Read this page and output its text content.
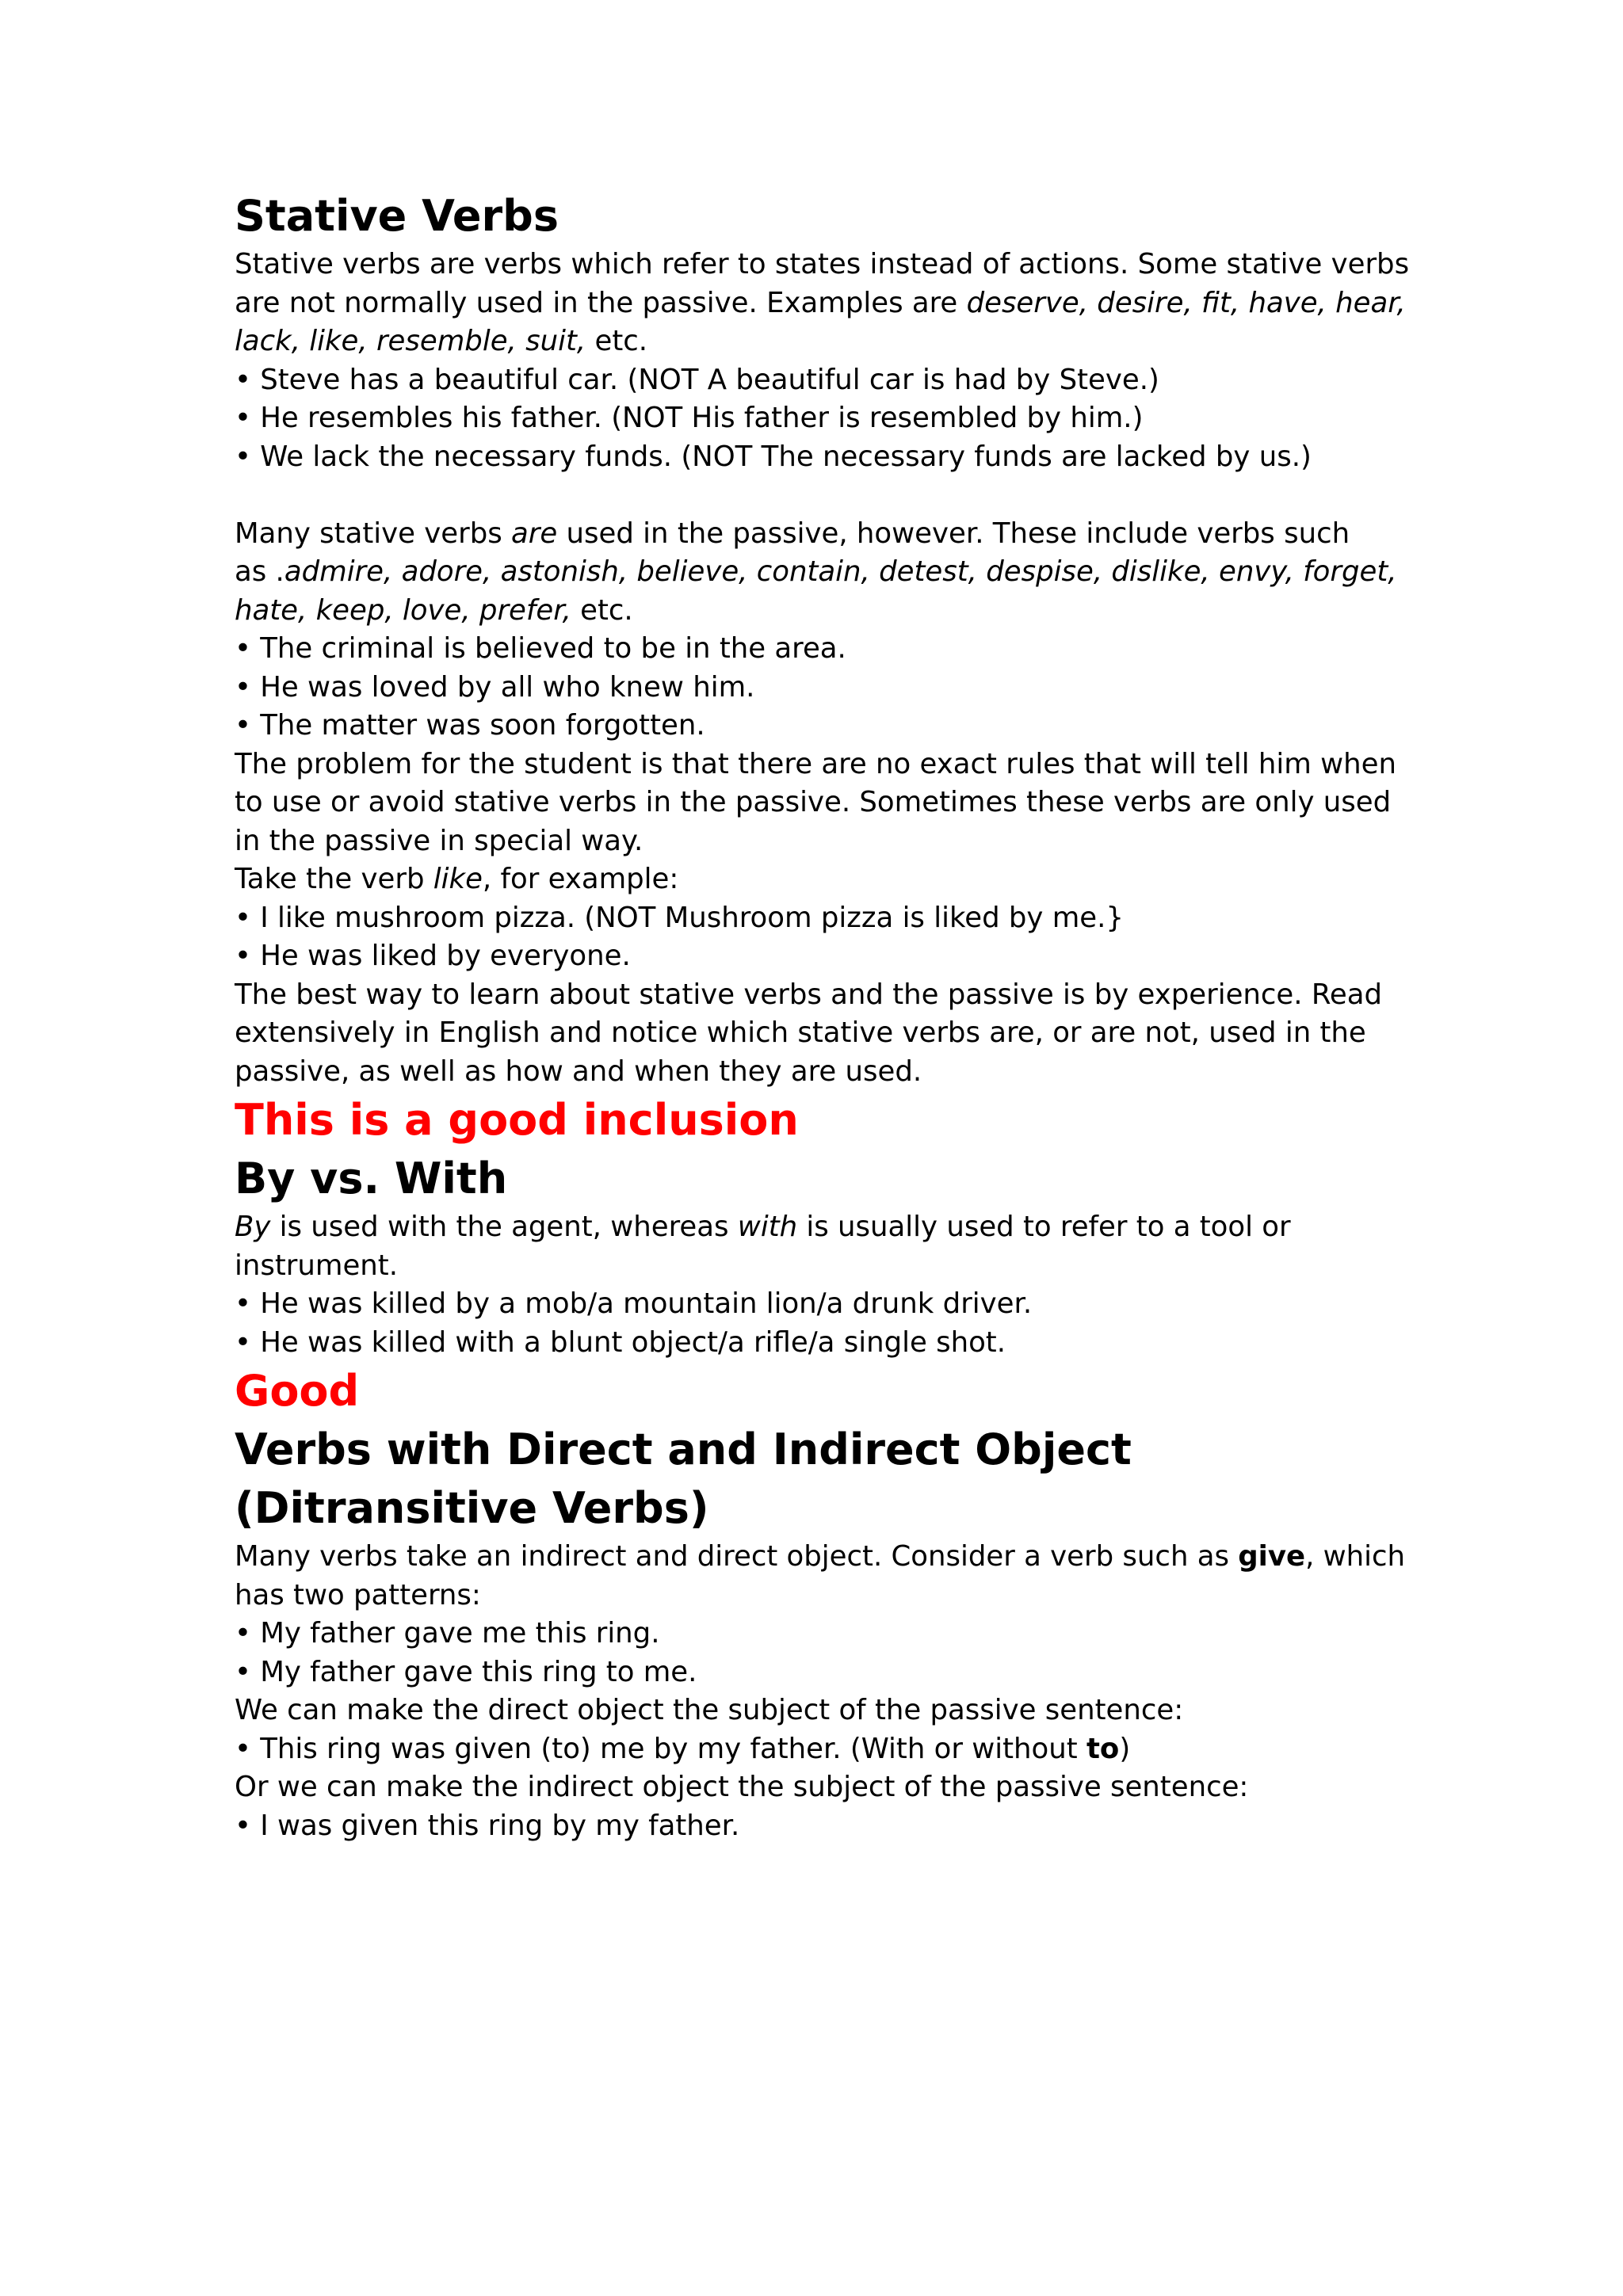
Stative Verbs

Stative verbs are verbs which refer to states instead of actions. Some stative verbs

are not normally used in the passive. Examples are deserve, desire, fit, have, hear,

lack, like, resemble, suit, etc.

• Steve has a beautiful car. (NOT A beautiful car is had by Steve.)

• He resembles his father. (NOT His father is resembled by him.)

• We lack the necessary funds. (NOT The necessary funds are lacked by us.)

Many stative verbs are used in the passive, however. These include verbs such

as .admire, adore, astonish, believe, contain, detest, despise, dislike, envy, forget,

hate, keep, love, prefer, etc.

• The criminal is believed to be in the area.

• He was loved by all who knew him.

• The matter was soon forgotten.

The problem for the student is that there are no exact rules that will tell him when

to use or avoid stative verbs in the passive. Sometimes these verbs are only used

in the passive in special way.

Take the verb like, for example:

• I like mushroom pizza. (NOT Mushroom pizza is liked by me.}

• He was liked by everyone.

The best way to learn about stative verbs and the passive is by experience. Read

extensively in English and notice which stative verbs are, or are not, used in the

passive, as well as how and when they are used.

This is a good inclusion
By vs. With

By is used with the agent, whereas with is usually used to refer to a tool or

instrument.

• He was killed by a mob/a mountain lion/a drunk driver.

• He was killed with a blunt object/a rifle/a single shot.

Good
Verbs with Direct and Indirect Object
(Ditransitive Verbs)

Many verbs take an indirect and direct object. Consider a verb such as give, which

has two patterns:

• My father gave me this ring.

• My father gave this ring to me.

We can make the direct object the subject of the passive sentence:

• This ring was given (to) me by my father. (With or without to)

Or we can make the indirect object the subject of the passive sentence:

• I was given this ring by my father.
